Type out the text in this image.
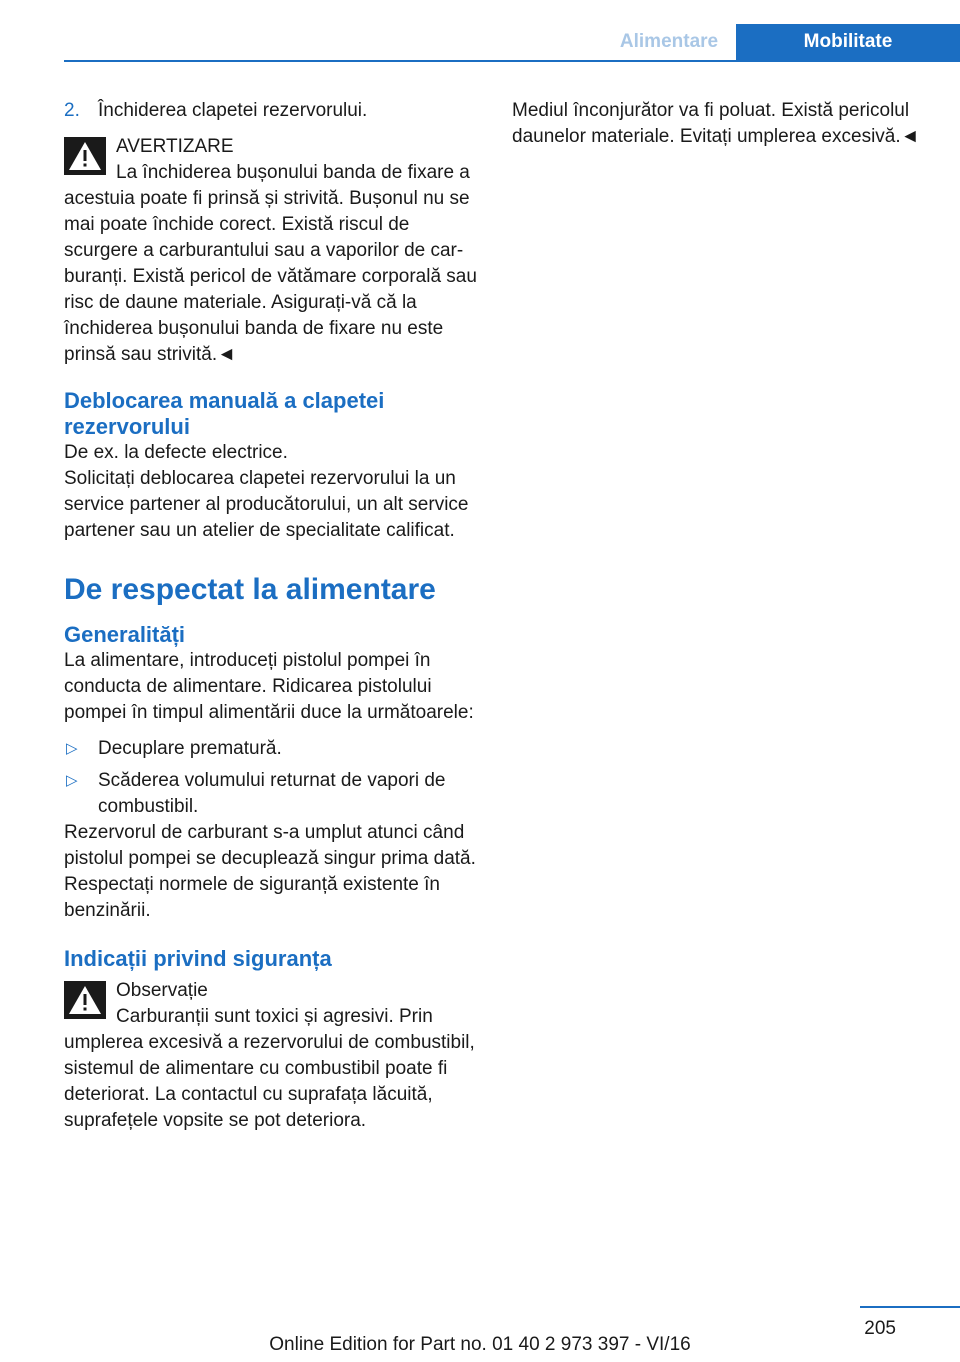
Alimentare	Mobilitate
2. Închiderea clapetei rezervorului.

AVERTIZARE

La închiderea bușonului banda de fixare a acestuia poate fi prinsă și strivită. Bușonul nu se mai poate închide corect. Există riscul de scurgere a carburantului sau a vaporilor de carburanți. Există pericol de vătămare corporală sau risc de daune materiale. Asigurați-vă că la închiderea bușonului banda de fixare nu este prinsă sau strivită.◄

Deblocarea manuală a clapetei rezervorului

De ex. la defecte electrice.

Solicitați deblocarea clapetei rezervorului la un service partener al producătorului, un alt service partener sau un atelier de specialitate calificat.

De respectat la alimentare

Generalități

La alimentare, introduceți pistolul pompei în conducta de alimentare. Ridicarea pistolului pompei în timpul alimentării duce la următoarele:

▷ Decuplare prematură.
▷ Scăderea volumului returnat de vapori de combustibil.

Rezervorul de carburant s-a umplut atunci când pistolul pompei se decuplează singur prima dată.

Respectați normele de siguranță existente în benzinării.

Indicații privind siguranța

Observație

Carburanții sunt toxici și agresivi. Prin umplerea excesivă a rezervorului de combustibil, sistemul de alimentare cu combustibil poate fi deteriorat. La contactul cu suprafața lăcuită, suprafețele vopsite se pot deteriora.

Mediul înconjurător va fi poluat. Există pericolul daunelor materiale. Evitați umplerea excesivă.◄

205
Online Edition for Part no. 01 40 2 973 397 - VI/16
